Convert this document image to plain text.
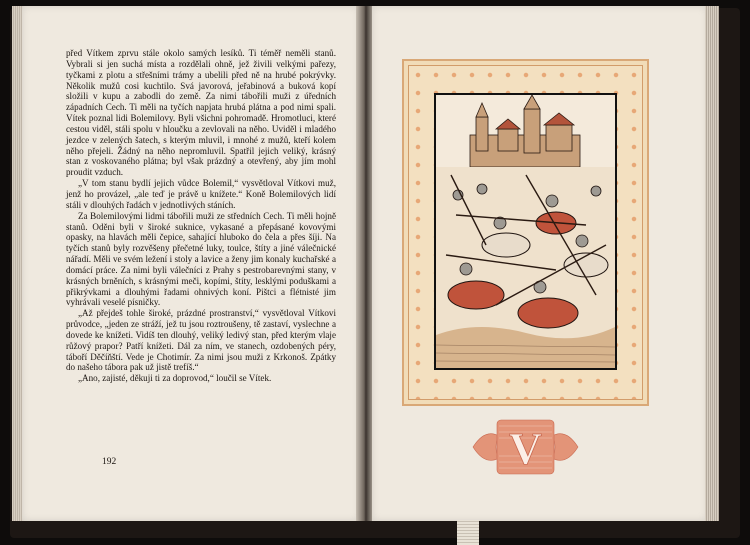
před Vítkem zprvu stále okolo samých lesíků. Ti téměř neměli stanů. Vybrali si jen suchá místa a rozdělali ohně, jež živili velkými pařezy, tyčkami z plotu a střešními trámy a ubelili před ně na hrubé pokrývky. Několik mužů cosi kuchtilo. Svá javorová, jeřabinová a buková kopí složili v kupu a zabodli do země. Za nimi tábořili muži z úředních západních Cech. Ti měli na tyčích napjata hrubá plátna a pod nimi spali. Vítek poznal lidi Bolemilovy. Byli všichni pohromadě. Hromotluci, které cestou viděl, stáli spolu v hloučku a zevlovali na něho. Uviděl i mladého jezdce v zelených šatech, s kterým mluvil, i mnohé z mužů, kteří kolem něho přejeli. Žádný na něho nepromluvil. Spatřil jejich veliký, krásný stan z voskovaného plátna; byl však prázdný a otevřený, aby jím mohl proudit vzduch.

„V tom stanu bydlí jejich vůdce Bolemil,“ vysvětloval Vítkovi muž, jenž ho provázel, „ale teď je právě u knížete.“ Koně Bolemilových lidí stáli v dlouhých řadách v jednotlivých stáních.

Za Bolemilovými lidmi tábořili muži ze středních Cech. Ti měli hojně stanů. Oděni byli v široké suknice, vykasané a přepásané kovovými opasky, na hlavách měli čepice, sahající hluboko do čela a přes šíji. Na tyčích stanů byly rozvěšeny přečetné luky, toulce, štíty a jiné válečnické nářadí. Měli ve svém ležení i stoly a lavice a ženy jim konaly kuchařské a domácí práce. Za nimi byli válečníci z Prahy s pestrobarevnými stany, v krásných brněních, s krásnými meči, kopími, štíty, lesklými poduškami a přikrývkami a dlouhými řadami ohnivých koní. Pištci a flétnisté jim vyhrávali veselé písničky.

„Až přejdeš tohle široké, prázdné prostranství,“ vysvětloval Vítkovi průvodce, „jeden ze stráží, jež tu jsou roztroušeny, tě zastaví, vyslechne a dovede ke knížeti. Vidíš ten dlouhý, veliký ledivý stan, před kterým vlaje růžový prapor? Patří knížeti. Dál za ním, ve stanech, ozdobených péry, táboří Děčíňští. Vede je Chotimír. Za nimi jsou muži z Krkonoš. Zpátky do našeho tábora pak už jistě trefíš.“

„Ano, zajisté, děkuji ti za doprovod,“ loučil se Vítek.

192	V
